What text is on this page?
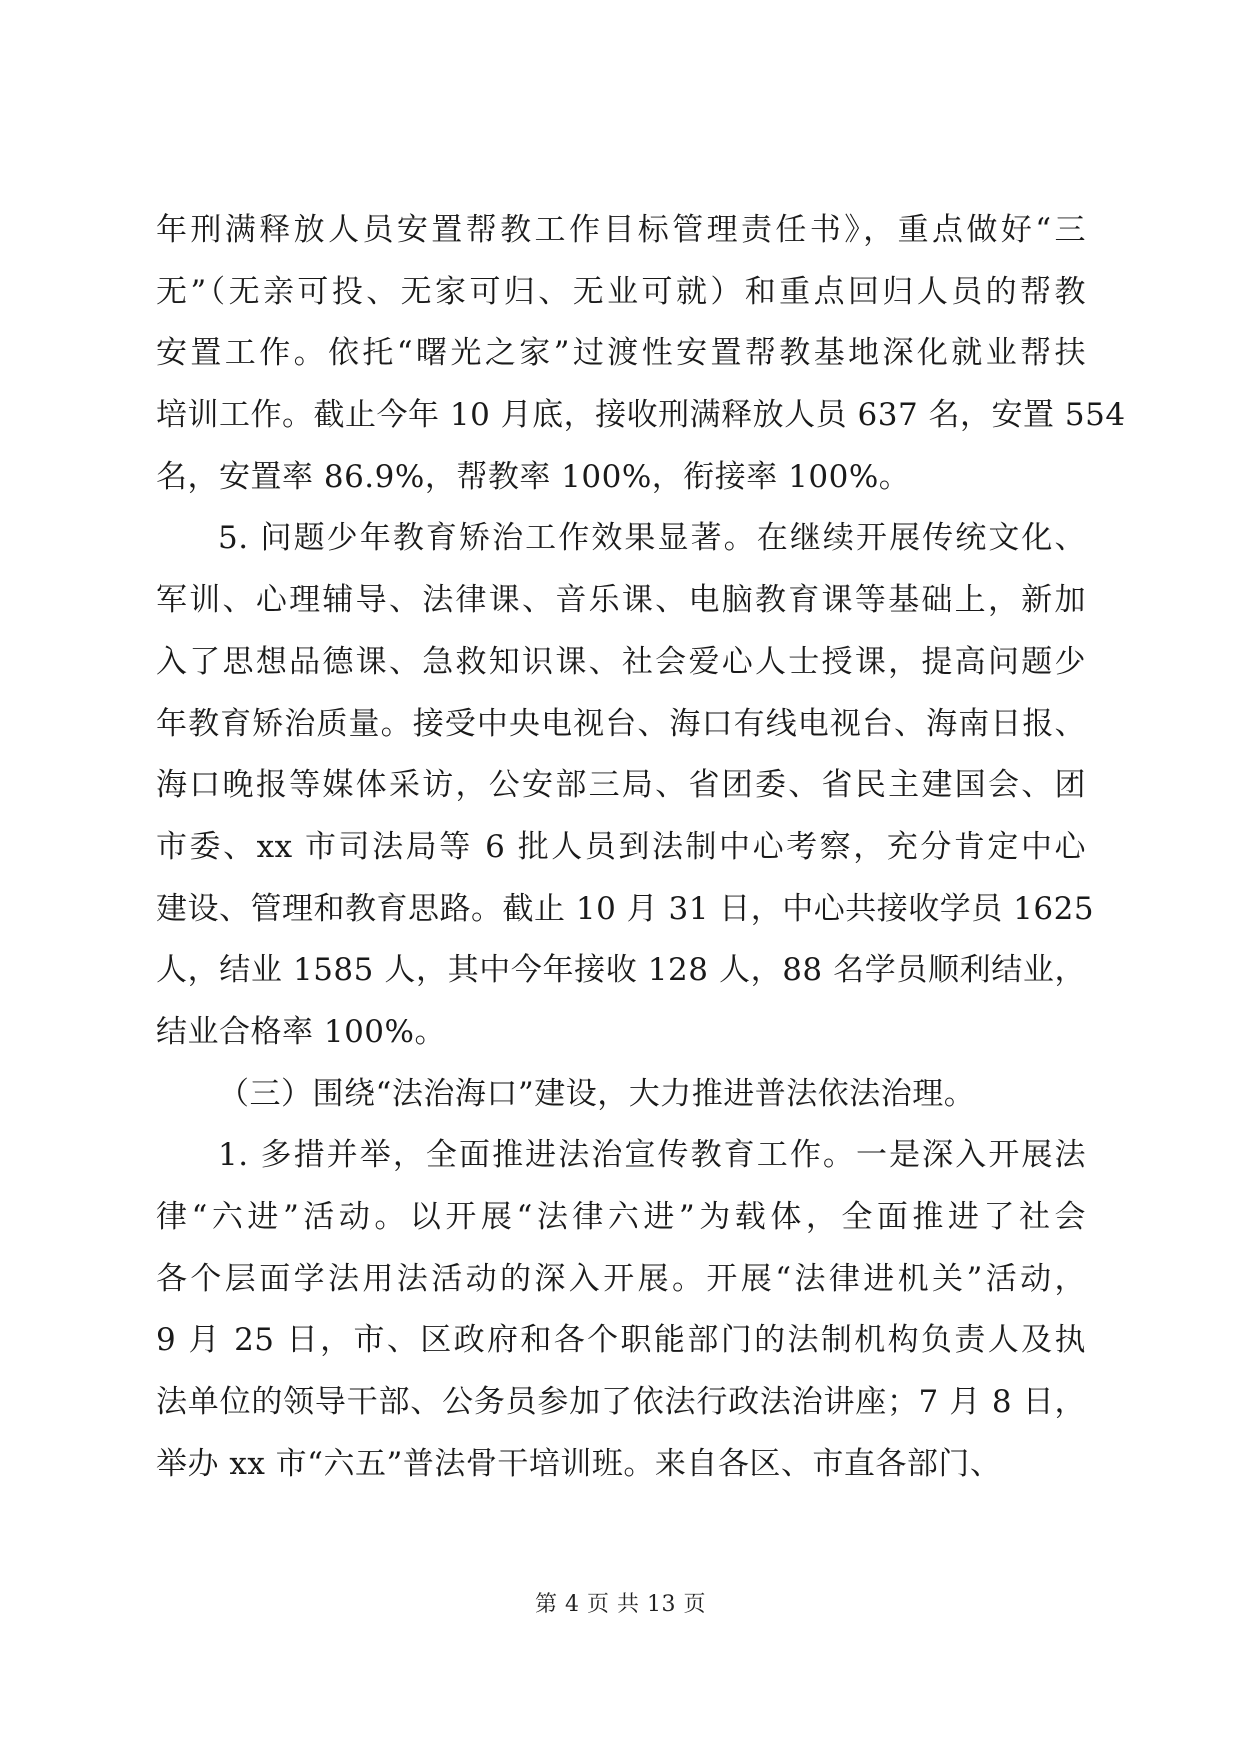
年刑满释放人员安置帮教工作目标管理责任书》，重点做好“三
无”（无亲可投、无家可归、无业可就）和重点回归人员的帮教
安置工作。依托“曙光之家”过渡性安置帮教基地深化就业帮扶
培训工作。截止今年 10 月底，接收刑满释放人员 637 名，安置 554
名，安置率 86.9%，帮教率 100%，衔接率 100%。
5. 问题少年教育矫治工作效果显著。在继续开展传统文化、
军训、心理辅导、法律课、音乐课、电脑教育课等基础上，新加
入了思想品德课、急救知识课、社会爱心人士授课，提高问题少
年教育矫治质量。接受中央电视台、海口有线电视台、海南日报、
海口晚报等媒体采访，公安部三局、省团委、省民主建国会、团
市委、xx 市司法局等 6 批人员到法制中心考察，充分肯定中心
建设、管理和教育思路。截止 10 月 31 日，中心共接收学员 1625
人，结业 1585 人，其中今年接收 128 人，88 名学员顺利结业，
结业合格率 100%。
（三）围绕“法治海口”建设，大力推进普法依法治理。
1. 多措并举，全面推进法治宣传教育工作。一是深入开展法
律“六进”活动。以开展“法律六进”为载体，全面推进了社会
各个层面学法用法活动的深入开展。开展“法律进机关”活动，
9 月 25 日，市、区政府和各个职能部门的法制机构负责人及执
法单位的领导干部、公务员参加了依法行政法治讲座；7 月 8 日，
举办 xx 市“六五”普法骨干培训班。来自各区、市直各部门、
第 4 页 共 13 页
